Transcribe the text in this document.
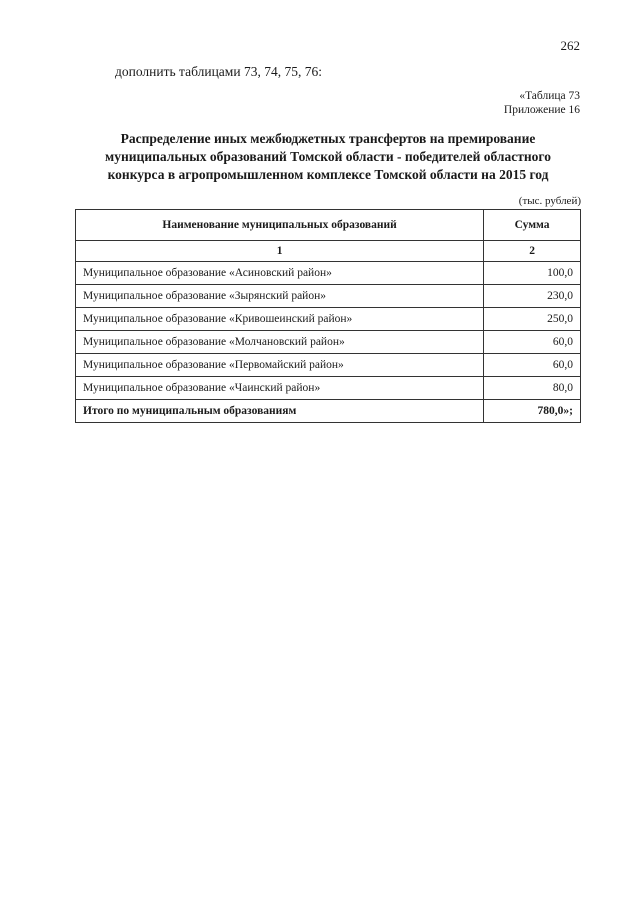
262
дополнить таблицами 73, 74, 75, 76:
«Таблица 73
Приложение 16
Распределение иных межбюджетных трансфертов на премирование
муниципальных образований Томской области - победителей областного
конкурса в агропромышленном комплексе Томской области на 2015 год
(тыс. рублей)
Наименование муниципальных образований	Сумма
1	2
Муниципальное образование «Асиновский район»	100,0
Муниципальное образование «Зырянский район»	230,0
Муниципальное образование «Кривошеинский район»	250,0
Муниципальное образование «Молчановский район»	60,0
Муниципальное образование «Первомайский район»	60,0
Муниципальное образование «Чаинский район»	80,0
Итого по муниципальным образованиям	780,0»;
